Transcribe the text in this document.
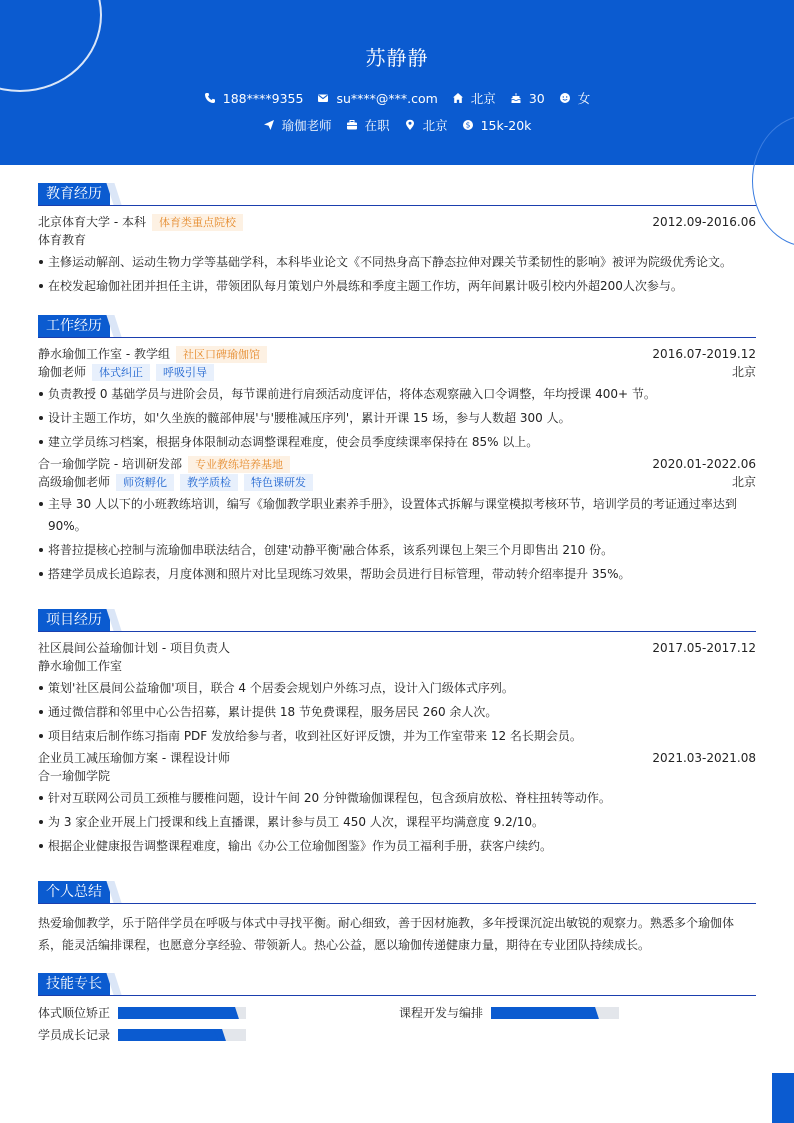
苏静静
188****9355	su****@***.com	北京	30	女
瑜伽老师	在职	北京 $ 15k-20k
教育经历
北京体育大学 - 本科	体育类重点院校	2012.09-2016.06
体育教育
主修运动解剖、运动生物力学等基础学科，本科毕业论文《不同热身高下静态拉伸对踝关节柔韧性的影响》被评为院级优秀论文。
在校发起瑜伽社团并担任主讲，带领团队每月策划户外晨练和季度主题工作坊，两年间累计吸引校内外超200人次参与。
工作经历
静水瑜伽工作室 - 教学组	社区口碑瑜伽馆	2016.07-2019.12
瑜伽老师	体式纠正	呼吸引导	北京
负责教授 0 基础学员与进阶会员，每节课前进行肩颈活动度评估，将体态观察融入口令调整，年均授课 400+ 节。
设计主题工作坊，如'久坐族的髋部伸展'与'腰椎减压序列'，累计开课 15 场，参与人数超 300 人。
建立学员练习档案，根据身体限制动态调整课程难度，使会员季度续课率保持在 85% 以上。
合一瑜伽学院 - 培训研发部	专业教练培养基地	2020.01-2022.06
高级瑜伽老师	师资孵化	教学质检	特色课研发	北京
主导 30 人以下的小班教练培训，编写《瑜伽教学职业素养手册》，设置体式拆解与课堂模拟考核环节，培训学员的考证通过率达到 90%。
将普拉提核心控制与流瑜伽串联法结合，创建'动静平衡'融合体系，该系列课包上架三个月即售出 210 份。
搭建学员成长追踪表，月度体测和照片对比呈现练习效果，帮助会员进行目标管理，带动转介绍率提升 35%。
项目经历
社区晨间公益瑜伽计划 - 项目负责人	2017.05-2017.12
静水瑜伽工作室
策划'社区晨间公益瑜伽'项目，联合 4 个居委会规划户外练习点，设计入门级体式序列。
通过微信群和邻里中心公告招募，累计提供 18 节免费课程，服务居民 260 余人次。
项目结束后制作练习指南 PDF 发放给参与者，收到社区好评反馈，并为工作室带来 12 名长期会员。
企业员工减压瑜伽方案 - 课程设计师	2021.03-2021.08
合一瑜伽学院
针对互联网公司员工颈椎与腰椎问题，设计午间 20 分钟微瑜伽课程包，包含颈肩放松、脊柱扭转等动作。
为 3 家企业开展上门授课和线上直播课，累计参与员工 450 人次，课程平均满意度 9.2/10。
根据企业健康报告调整课程难度，输出《办公工位瑜伽图鉴》作为员工福利手册，获客户续约。
个人总结
热爱瑜伽教学，乐于陪伴学员在呼吸与体式中寻找平衡。耐心细致，善于因材施教，多年授课沉淀出敏锐的观察力。熟悉多个瑜伽体系，能灵活编排课程，也愿意分享经验、带领新人。热心公益，愿以瑜伽传递健康力量，期待在专业团队持续成长。
技能专长
体式顺位矫正	课程开发与编排
学员成长记录
